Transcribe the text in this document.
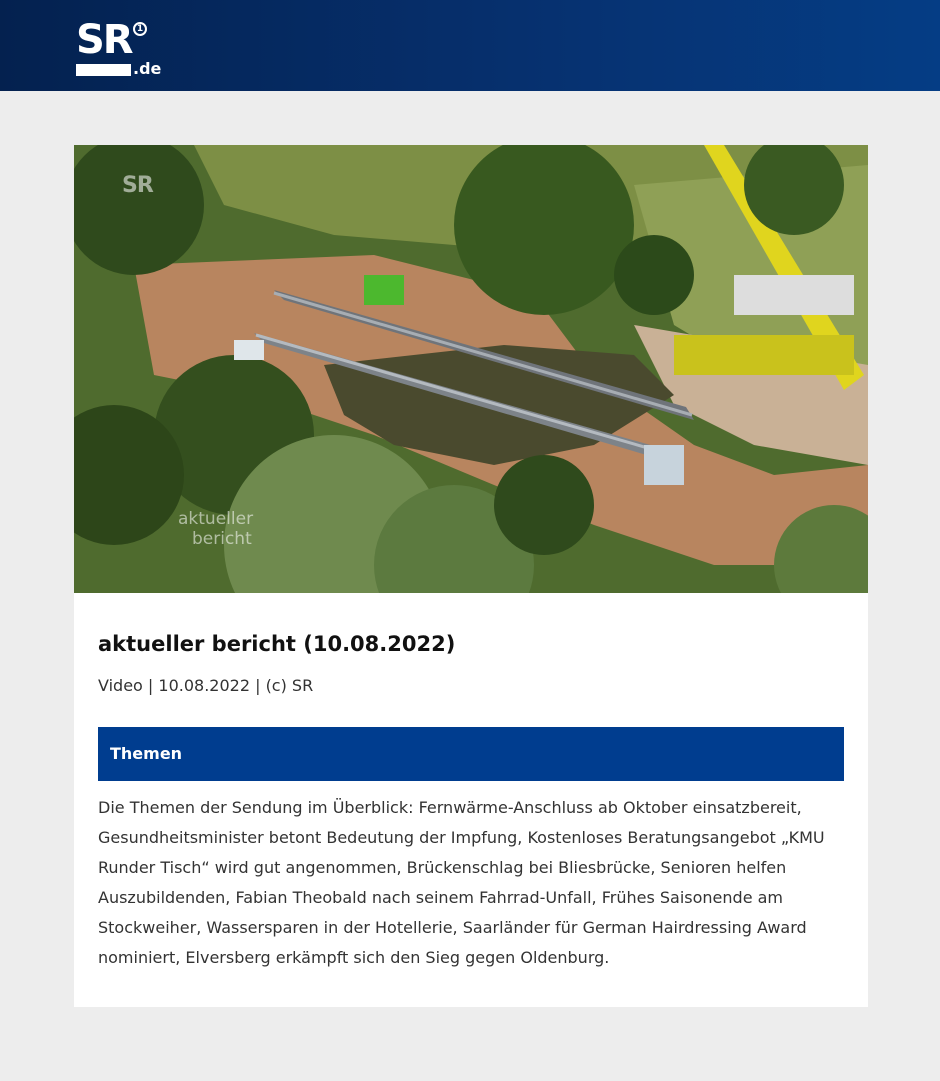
SR 1
.de
SR
aktueller
bericht
aktueller bericht (10.08.2022)
Video | 10.08.2022 | (c) SR
Themen
Die Themen der Sendung im Überblick: Fernwärme-Anschluss ab Oktober einsatzbereit, Gesundheitsminister betont Bedeutung der Impfung, Kostenloses Beratungsangebot „KMU Runder Tisch“ wird gut angenommen, Brückenschlag bei Bliesbrücke, Senioren helfen Auszubildenden, Fabian Theobald nach seinem Fahrrad-Unfall, Frühes Saisonende am Stockweiher, Wassersparen in der Hotellerie, Saarländer für German Hairdressing Award nominiert, Elversberg erkämpft sich den Sieg gegen Oldenburg.
